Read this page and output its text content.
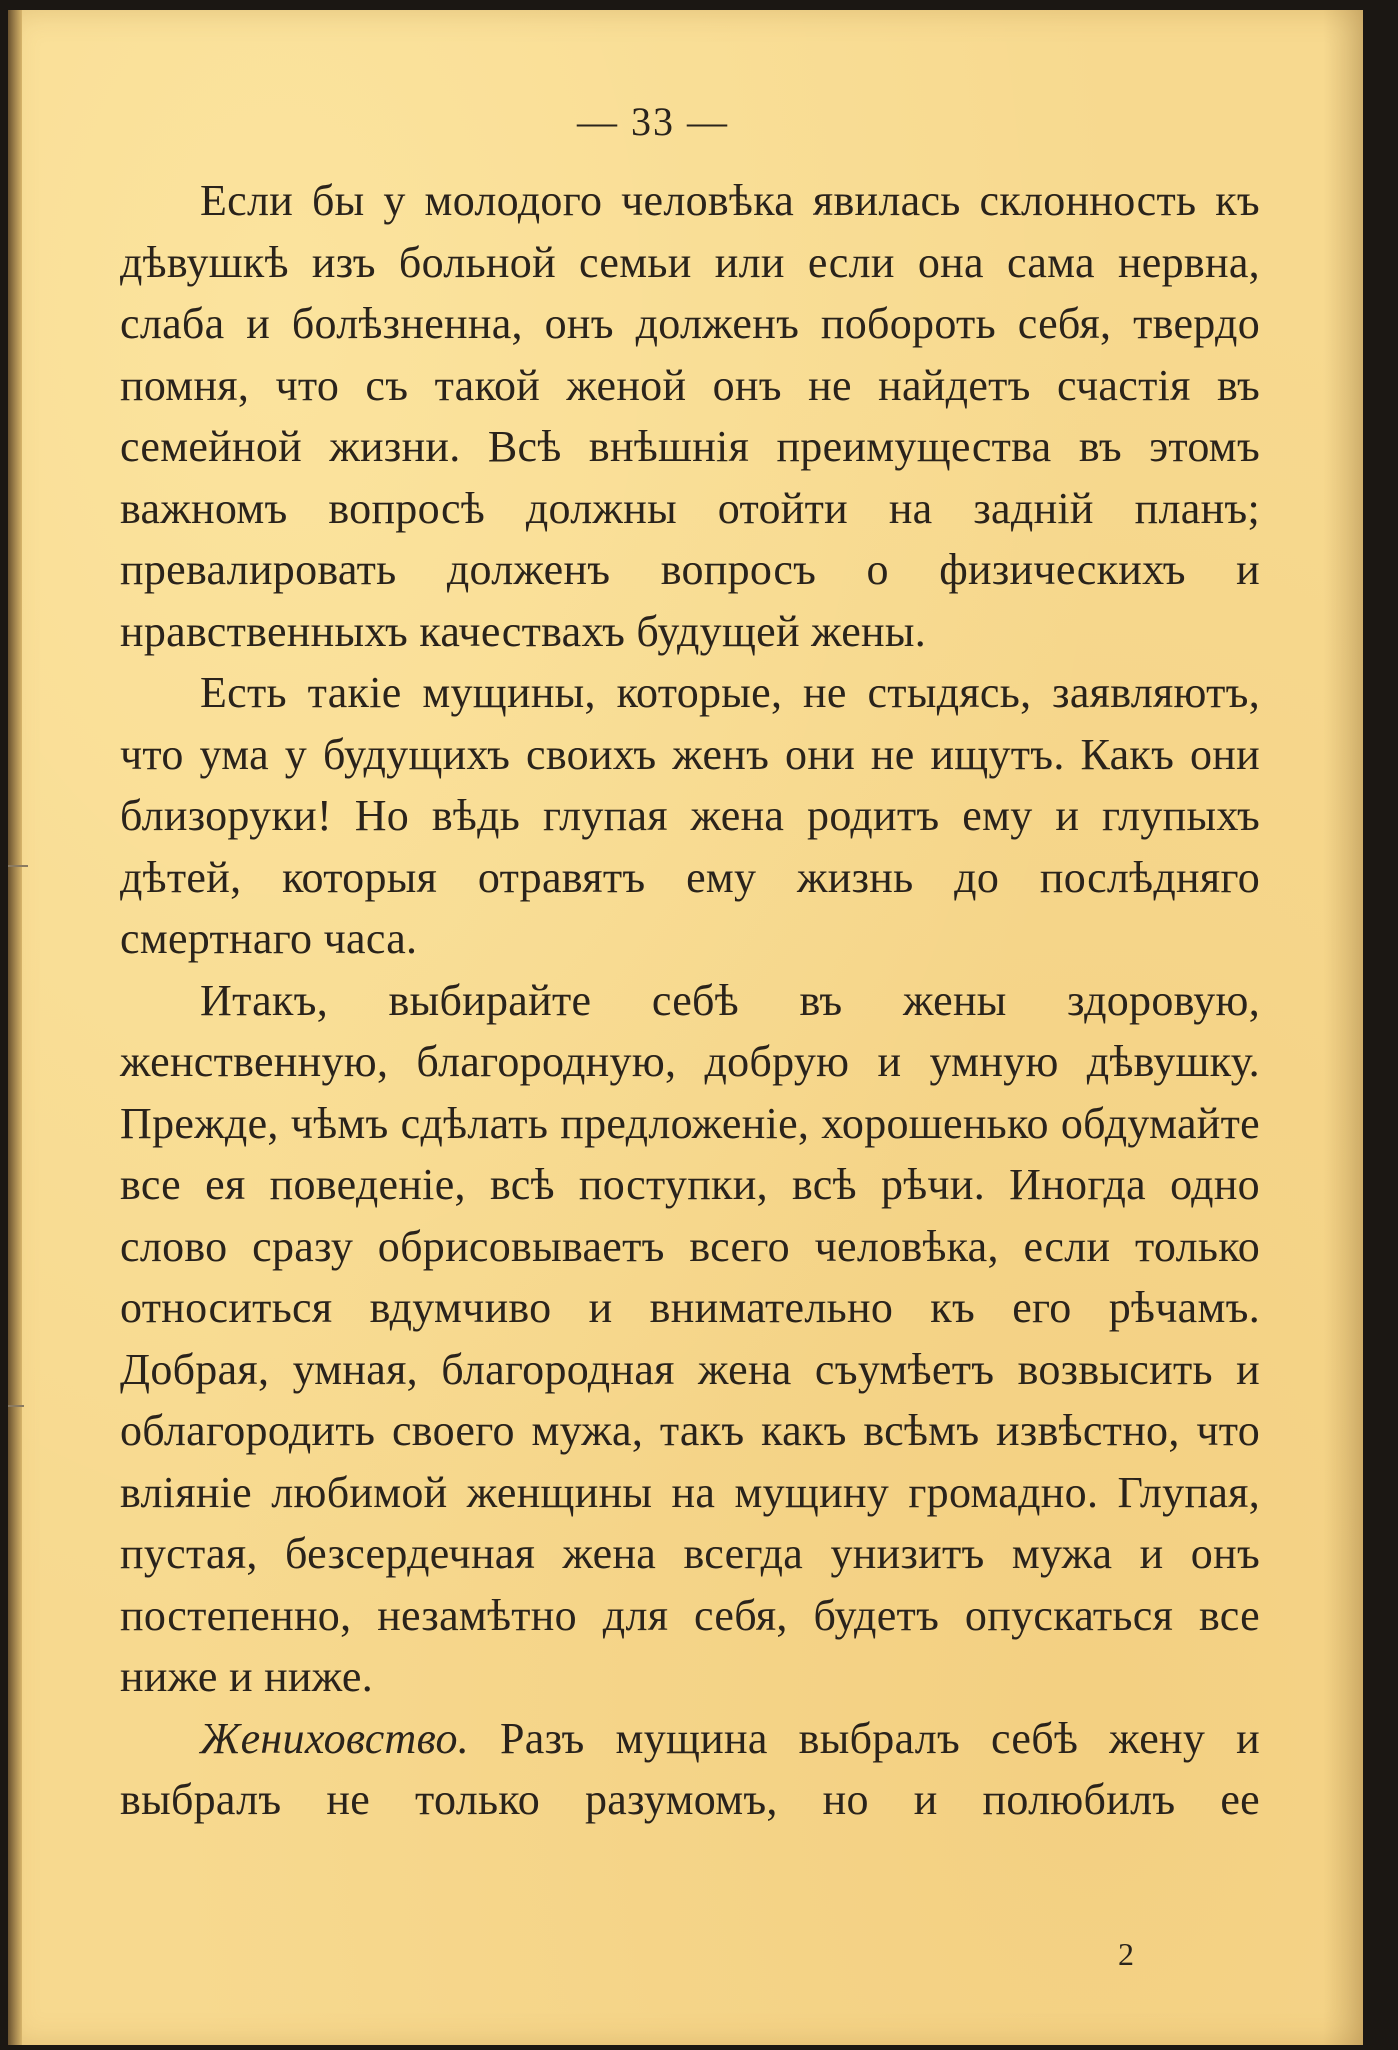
— 33 —

Если бы у молодого человѣка явилась склонность къ дѣвушкѣ изъ больной семьи или если она сама нервна, слаба и болѣзненна, онъ долженъ побороть себя, твердо помня, что съ такой женой онъ не найдетъ счастія въ семейной жизни. Всѣ внѣшнія преимущества въ этомъ важномъ вопросѣ должны отойти на заднiй планъ; превалировать долженъ вопросъ о физическихъ и нравственныхъ качествахъ будущей жены.

Есть такіе мущины, которые, не стыдясь, заявляютъ, что ума у будущихъ своихъ женъ они не ищутъ. Какъ они близоруки! Но вѣдь глупая жена родитъ ему и глупыхъ дѣтей, которыя отравятъ ему жизнь до послѣдняго смертнаго часа.

Итакъ, выбирайте себѣ въ жены здоровую, женственную, благородную, добрую и умную дѣвушку. Прежде, чѣмъ сдѣлать предложеніе, хорошенько обдумайте все ея поведеніе, всѣ поступки, всѣ рѣчи. Иногда одно слово сразу обрисовываетъ всего человѣка, если только относиться вдумчиво и внимательно къ его рѣчамъ. Добрая, умная, благородная жена съумѣетъ возвысить и облагородить своего мужа, такъ какъ всѣмъ извѣстно, что вліяніе любимой женщины на мущину громадно. Глупая, пустая, безсердечная жена всегда унизитъ мужа и онъ постепенно, незамѣтно для себя, будетъ опускаться все ниже и ниже.

Жениховство. Разъ мущина выбралъ себѣ жену и выбралъ не только разумомъ, но и полюбилъ ее

2
